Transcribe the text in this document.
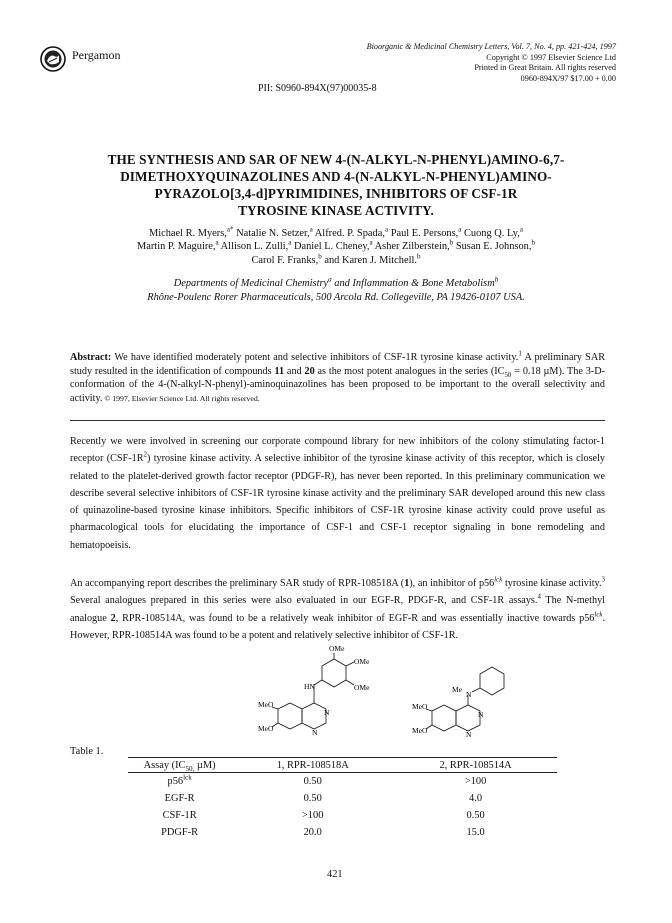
Pergamon
Bioorganic & Medicinal Chemistry Letters, Vol. 7, No. 4, pp. 421-424, 1997
Copyright © 1997 Elsevier Science Ltd
Printed in Great Britain. All rights reserved
0960-894X/97 $17.00 + 0.00
PII: S0960-894X(97)00035-8
THE SYNTHESIS AND SAR OF NEW 4-(N-ALKYL-N-PHENYL)AMINO-6,7-
DIMETHOXYQUINAZOLINES AND 4-(N-ALKYL-N-PHENYL)AMINO-
PYRAZOLO[3,4-d]PYRIMIDINES, INHIBITORS OF CSF-1R
TYROSINE KINASE ACTIVITY.
Michael R. Myers,$^{a*}$ Natalie N. Setzer,$^a$ Alfred. P. Spada,$^a$ Paul E. Persons,$^a$ Cuong Q. Ly,$^a$
Martin P. Maguire,$^a$ Allison L. Zulli,$^a$ Daniel L. Cheney,$^a$ Asher Zilberstein,$^b$ Susan E. Johnson,$^b$
Carol F. Franks,$^b$ and Karen J. Mitchell.$^b$
Departments of Medicinal Chemistry$^a$ and Inflammation & Bone Metabolism$^b$
Rhône-Poulenc Rorer Pharmaceuticals, 500 Arcola Rd. Collegeville, PA 19426-0107 USA.
Abstract: We have identified moderately potent and selective inhibitors of CSF-1R tyrosine kinase activity.$^1$ A preliminary SAR study resulted in the identification of compounds 11 and 20 as the most potent analogues in the series ($IC_{50} = 0.18$ µM). The 3-D-conformation of the 4-(N-alkyl-N-phenyl)-aminoquinazolines has been proposed to be important to the overall selectivity and activity. © 1997, Elsevier Science Ltd. All rights reserved.
Recently we were involved in screening our corporate compound library for new inhibitors of the colony stimulating factor-1 receptor $(CSF-1R^2)$ tyrosine kinase activity. A selective inhibitor of the tyrosine kinase activity of this receptor, which is closely related to the platelet-derived growth factor receptor (PDGF-R), has never been reported. In this preliminary communication we describe several selective inhibitors of CSF-1R tyrosine kinase activity and the preliminary SAR developed around this new class of quinazoline-based tyrosine kinase inhibitors. Specific inhibitors of CSF-1R tyrosine kinase activity could prove useful as pharmacological tools for elucidating the importance of CSF-1 and CSF-1 receptor signaling in bone remodeling and hematopoeisis.
An accompanying report describes the preliminary SAR study of RPR-108518A (1), an inhibitor of $p56^{lck}$ tyrosine kinase activity.$^3$ Several analogues prepared in this series were also evaluated in our EGF-R, PDGF-R, and CSF-1R assays.$^4$ The N-methyl analogue 2, RPR-108514A, was found to be a relatively weak inhibitor of EGF-R and was essentially inactive towards $p56^{lck}$. However, RPR-108514A was found to be a potent and relatively selective inhibitor of CSF-1R.
OMe
OMe
OMe
HN
MeO
MeO
N
N
Me
N
MeO
MeO
N
N
Table 1.
Assay ($IC_{50,}$ µM)	1, RPR-108518A	2, RPR-108514A
$p56^{lck}$	0.50	>100
EGF-R	0.50	4.0
CSF-1R	>100	0.50
PDGF-R	20.0	15.0
421
